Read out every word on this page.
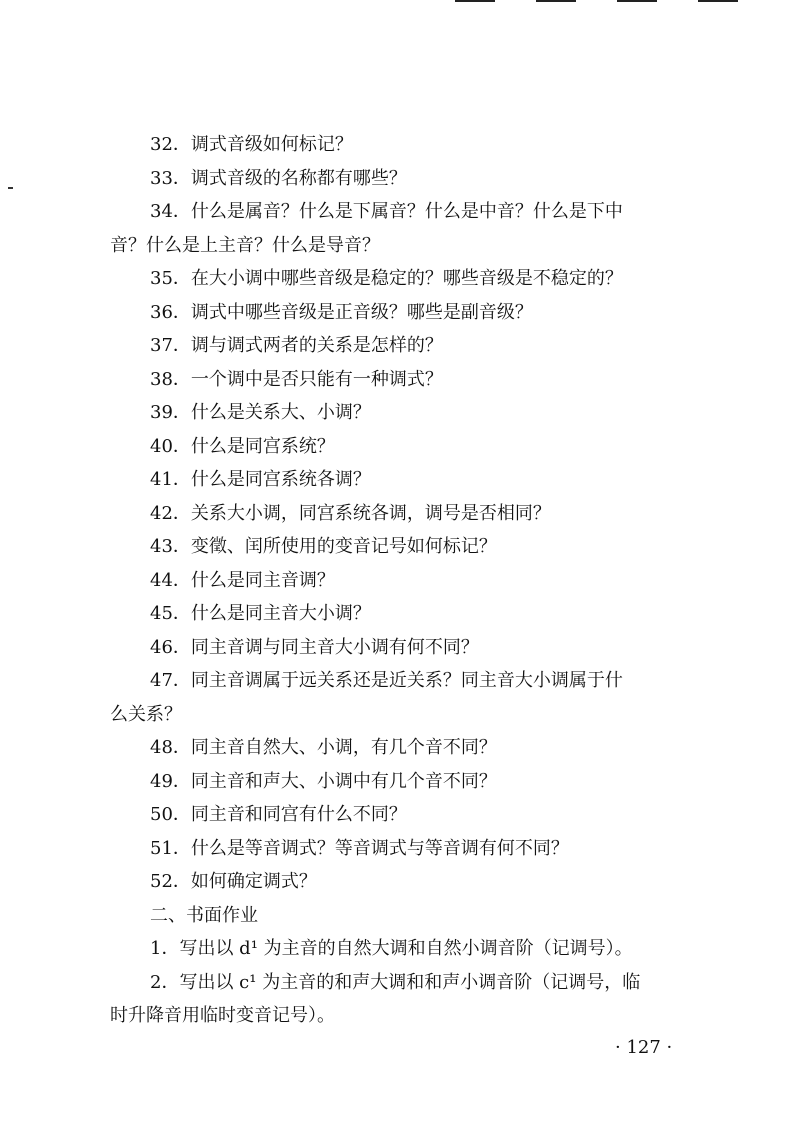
32．调式音级如何标记？
33．调式音级的名称都有哪些？
34．什么是属音？什么是下属音？什么是中音？什么是下中
音？什么是上主音？什么是导音？
35．在大小调中哪些音级是稳定的？哪些音级是不稳定的？
36．调式中哪些音级是正音级？哪些是副音级？
37．调与调式两者的关系是怎样的？
38．一个调中是否只能有一种调式？
39．什么是关系大、小调？
40．什么是同宫系统？
41．什么是同宫系统各调？
42．关系大小调，同宫系统各调，调号是否相同？
43．变徵、闰所使用的变音记号如何标记？
44．什么是同主音调？
45．什么是同主音大小调？
46．同主音调与同主音大小调有何不同？
47．同主音调属于远关系还是近关系？同主音大小调属于什
么关系？
48．同主音自然大、小调，有几个音不同？
49．同主音和声大、小调中有几个音不同？
50．同主音和同宫有什么不同？
51．什么是等音调式？等音调式与等音调有何不同？
52．如何确定调式？
二、书面作业
1．写出以 d¹ 为主音的自然大调和自然小调音阶（记调号）。
2．写出以 c¹ 为主音的和声大调和和声小调音阶（记调号，临
时升降音用临时变音记号）。
· 127 ·
